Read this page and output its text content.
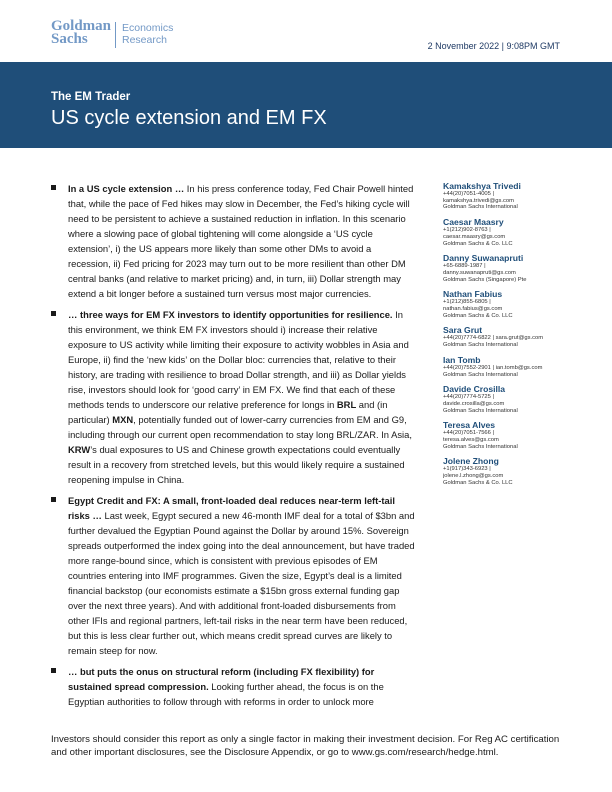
Goldman
Sachs
Economics
Research	2 November 2022 | 9:08PM GMT
The EM Trader
US cycle extension and EM FX

In a US cycle extension … In his press conference today, Fed Chair Powell hinted that, while the pace of Fed hikes may slow in December, the Fed’s hiking cycle will need to be persistent to achieve a sustained reduction in inflation. In this scenario where a slowing pace of global tightening will come alongside a ‘US cycle extension’, i) the US appears more likely than some other DMs to avoid a recession, ii) Fed pricing for 2023 may turn out to be more resilient than other DM central banks (and relative to market pricing) and, in turn, iii) Dollar strength may extend a bit longer before a sustained turn versus most major currencies.

… three ways for EM FX investors to identify opportunities for resilience. In this environment, we think EM FX investors should i) increase their relative exposure to US activity while limiting their exposure to activity wobbles in Asia and Europe, ii) find the ‘new kids’ on the Dollar bloc: currencies that, relative to their history, are trading with resilience to broad Dollar strength, and iii) as Dollar yields rise, investors should look for ‘good carry’ in EM FX. We find that each of these methods tends to underscore our relative preference for longs in BRL and (in particular) MXN, potentially funded out of lower-carry currencies from EM and G9, including through our current open recommendation to stay long BRL/ZAR. In Asia, KRW’s dual exposures to US and Chinese growth expectations could eventually result in a recovery from stretched levels, but this would likely require a sustained reopening impulse in China.

Egypt Credit and FX: A small, front-loaded deal reduces near-term left-tail risks … Last week, Egypt secured a new 46-month IMF deal for a total of $3bn and further devalued the Egyptian Pound against the Dollar by around 15%. Sovereign spreads outperformed the index going into the deal announcement, but have traded more range-bound since, which is consistent with previous episodes of EM countries entering into IMF programmes. Given the size, Egypt’s deal is a limited financial backstop (our economists estimate a $15bn gross external funding gap over the next three years). And with additional front-loaded disbursements from other IFIs and regional partners, left-tail risks in the near term have been reduced, but this is less clear further out, which means credit spread curves are likely to remain steep for now.

… but puts the onus on structural reform (including FX flexibility) for sustained spread compression. Looking further ahead, the focus is on the Egyptian authorities to follow through with reforms in order to unlock more

Kamakshya Trivedi
+44(20)7051-4005 |
kamakshya.trivedi@gs.com
Goldman Sachs International
Caesar Maasry
+1(212)902-8763 |
caesar.maasry@gs.com
Goldman Sachs & Co. LLC
Danny Suwanapruti
+65-6889-1987 |
danny.suwanapruti@gs.com
Goldman Sachs (Singapore) Pte
Nathan Fabius
+1(212)855-6805 |
nathan.fabius@gs.com
Goldman Sachs & Co. LLC
Sara Grut
+44(20)7774-6822 | sara.grut@gs.com
Goldman Sachs International
Ian Tomb
+44(20)7552-2901 | ian.tomb@gs.com
Goldman Sachs International
Davide Crosilla
+44(20)7774-5725 |
davide.crosilla@gs.com
Goldman Sachs International
Teresa Alves
+44(20)7051-7566 |
teresa.alves@gs.com
Goldman Sachs International
Jolene Zhong
+1(917)343-6923 |
jolene.l.zhong@gs.com
Goldman Sachs & Co. LLC
Investors should consider this report as only a single factor in making their investment decision. For Reg AC certification and other important disclosures, see the Disclosure Appendix, or go to www.gs.com/research/hedge.html.
